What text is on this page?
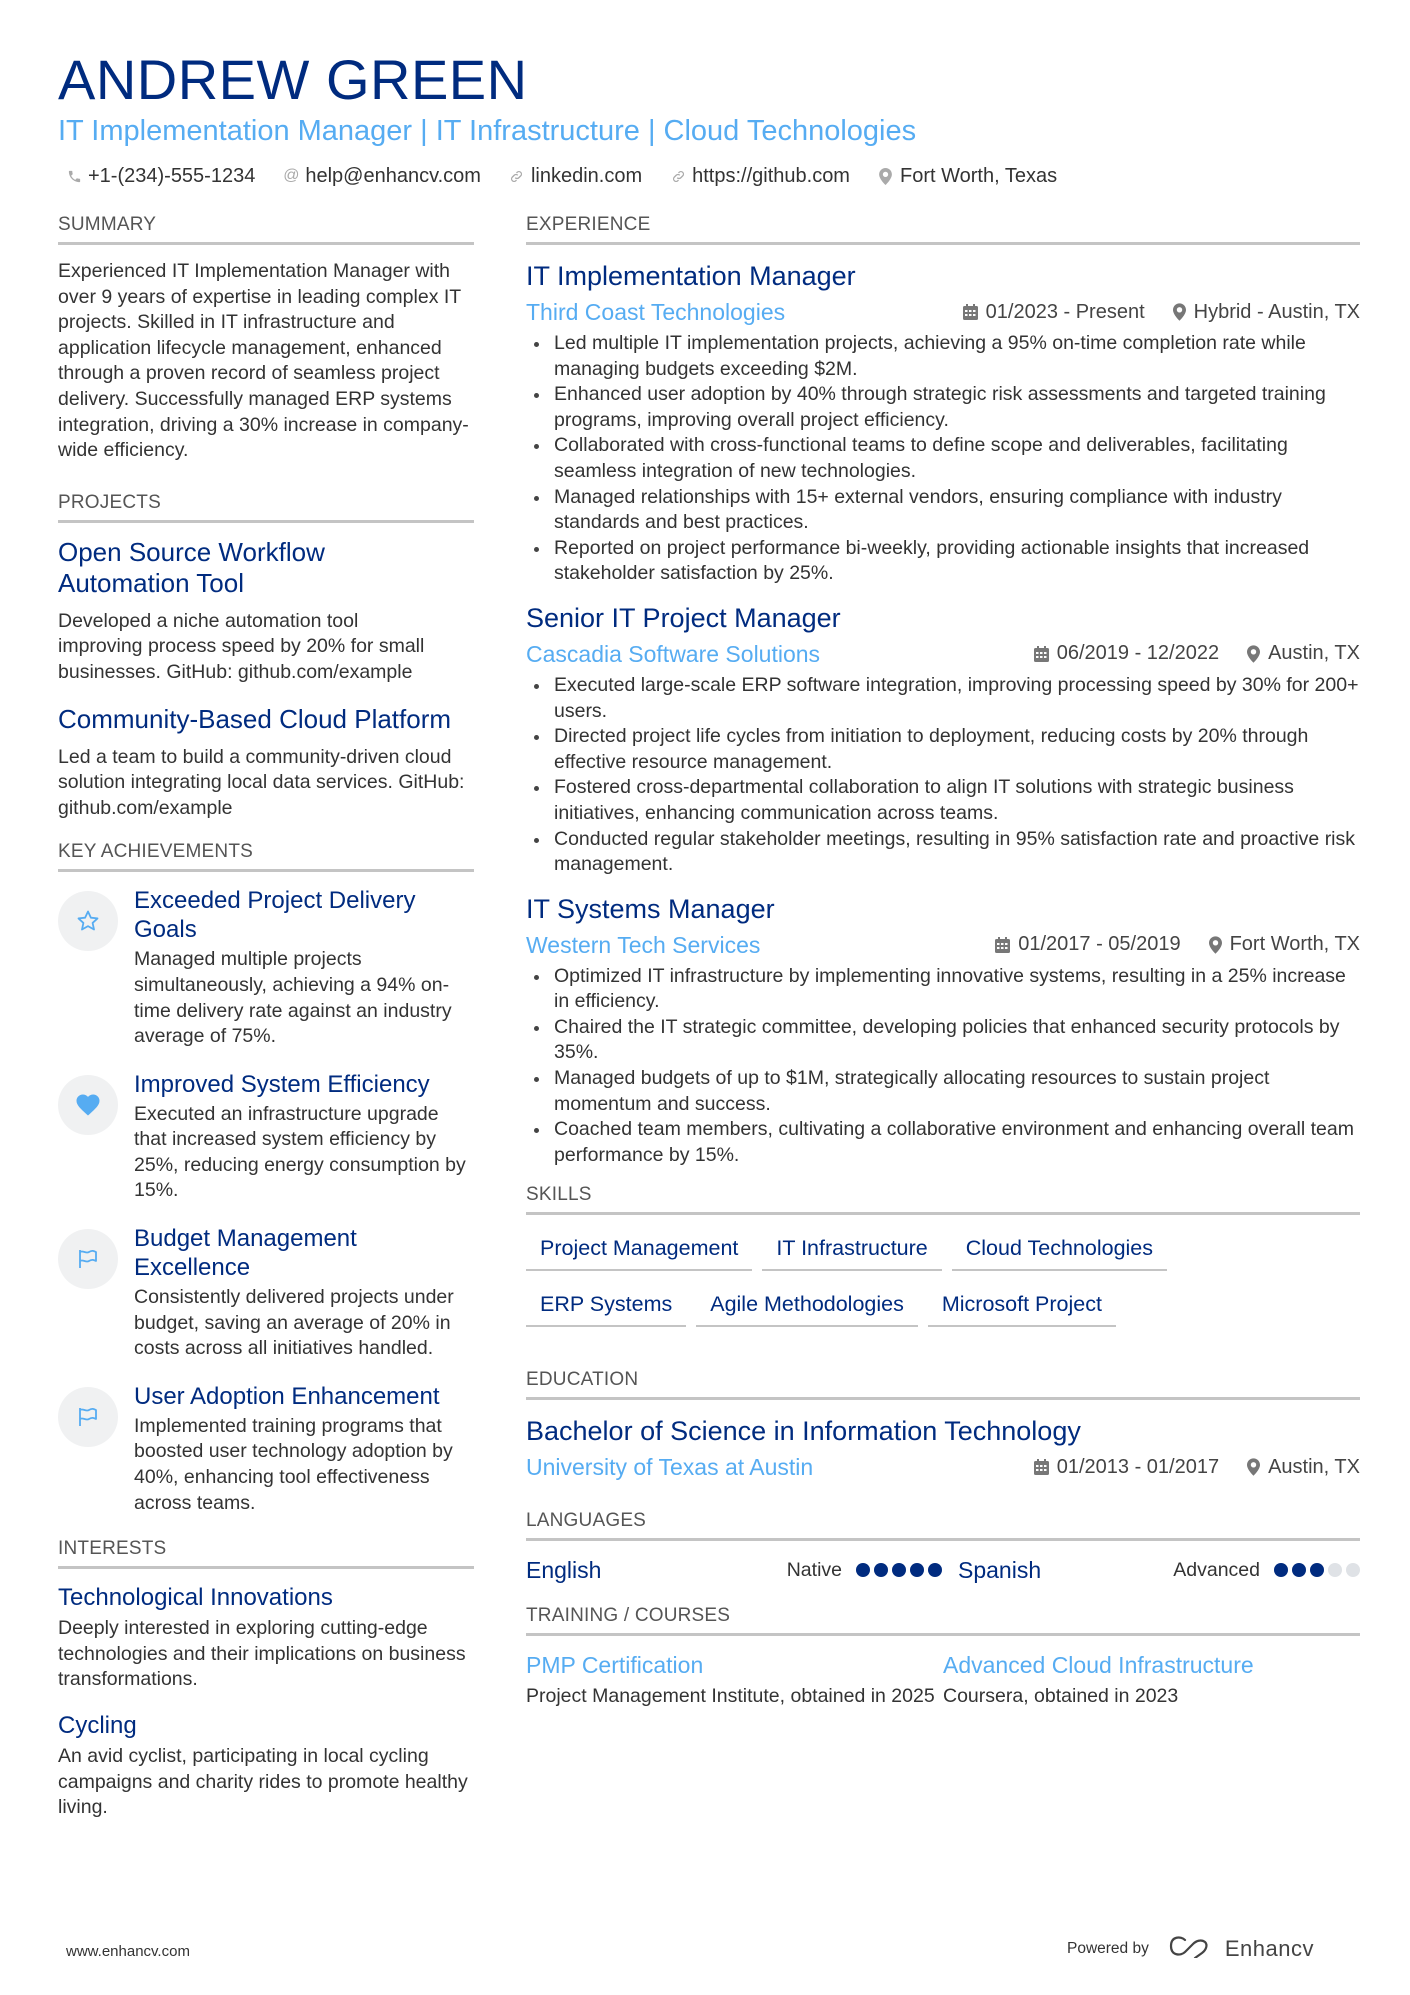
ANDREW GREEN
IT Implementation Manager | IT Infrastructure | Cloud Technologies
+1-(234)-555-1234 @ help@enhancv.com	linkedin.com	https://github.com	Fort Worth, Texas
SUMMARY

Experienced IT Implementation Manager with over 9 years of expertise in leading complex IT projects. Skilled in IT infrastructure and application lifecycle management, enhanced through a proven record of seamless project delivery. Successfully managed ERP systems integration, driving a 30% increase in company-wide efficiency.

PROJECTS
Open Source Workflow Automation Tool

Developed a niche automation tool improving process speed by 20% for small businesses. GitHub: github.com/example

Community-Based Cloud Platform

Led a team to build a community-driven cloud solution integrating local data services. GitHub: github.com/example

KEY ACHIEVEMENTS
Exceeded Project Delivery Goals

Managed multiple projects simultaneously, achieving a 94% on-time delivery rate against an industry average of 75%.

Improved System Efficiency

Executed an infrastructure upgrade that increased system efficiency by 25%, reducing energy consumption by 15%.

Budget Management Excellence

Consistently delivered projects under budget, saving an average of 20% in costs across all initiatives handled.

User Adoption Enhancement

Implemented training programs that boosted user technology adoption by 40%, enhancing tool effectiveness across teams.

INTERESTS
Technological Innovations

Deeply interested in exploring cutting-edge technologies and their implications on business transformations.

Cycling

An avid cyclist, participating in local cycling campaigns and charity rides to promote healthy living.

EXPERIENCE
IT Implementation Manager
Third Coast Technologies	01/2023 - Present Hybrid - Austin, TX
Led multiple IT implementation projects, achieving a 95% on-time completion rate while managing budgets exceeding $2M.
Enhanced user adoption by 40% through strategic risk assessments and targeted training programs, improving overall project efficiency.
Collaborated with cross-functional teams to define scope and deliverables, facilitating seamless integration of new technologies.
Managed relationships with 15+ external vendors, ensuring compliance with industry standards and best practices.
Reported on project performance bi-weekly, providing actionable insights that increased stakeholder satisfaction by 25%.
Senior IT Project Manager
Cascadia Software Solutions	06/2019 - 12/2022 Austin, TX
Executed large-scale ERP software integration, improving processing speed by 30% for 200+ users.
Directed project life cycles from initiation to deployment, reducing costs by 20% through effective resource management.
Fostered cross-departmental collaboration to align IT solutions with strategic business initiatives, enhancing communication across teams.
Conducted regular stakeholder meetings, resulting in 95% satisfaction rate and proactive risk management.
IT Systems Manager
Western Tech Services	01/2017 - 05/2019 Fort Worth, TX
Optimized IT infrastructure by implementing innovative systems, resulting in a 25% increase in efficiency.
Chaired the IT strategic committee, developing policies that enhanced security protocols by 35%.
Managed budgets of up to $1M, strategically allocating resources to sustain project momentum and success.
Coached team members, cultivating a collaborative environment and enhancing overall team performance by 15%.
SKILLS
Project Management	IT Infrastructure	Cloud Technologies
ERP Systems	Agile Methodologies	Microsoft Project
EDUCATION
Bachelor of Science in Information Technology
University of Texas at Austin	01/2013 - 01/2017 Austin, TX
LANGUAGES
English	Native	Spanish	Advanced
TRAINING / COURSES
PMP Certification

Project Management Institute, obtained in 2025

Advanced Cloud Infrastructure

Coursera, obtained in 2023

www.enhancv.com	Powered by	Enhancv
